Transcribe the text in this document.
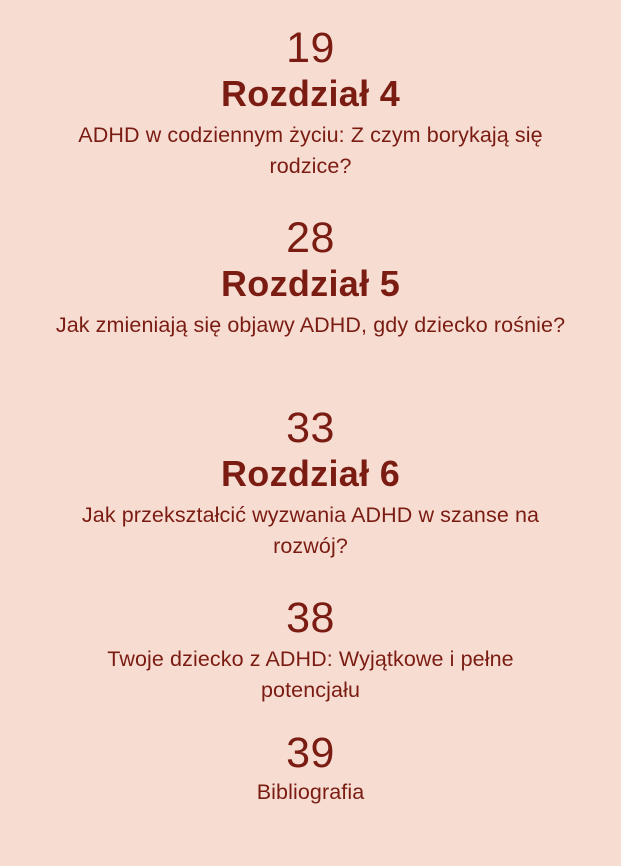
19
Rozdział 4
ADHD w codziennym życiu: Z czym borykają się rodzice?
28
Rozdział 5
Jak zmieniają się objawy ADHD, gdy dziecko rośnie?
33
Rozdział 6
Jak przekształcić wyzwania ADHD w szanse na rozwój?
38
Twoje dziecko z ADHD: Wyjątkowe i pełne potencjału
39
Bibliografia
